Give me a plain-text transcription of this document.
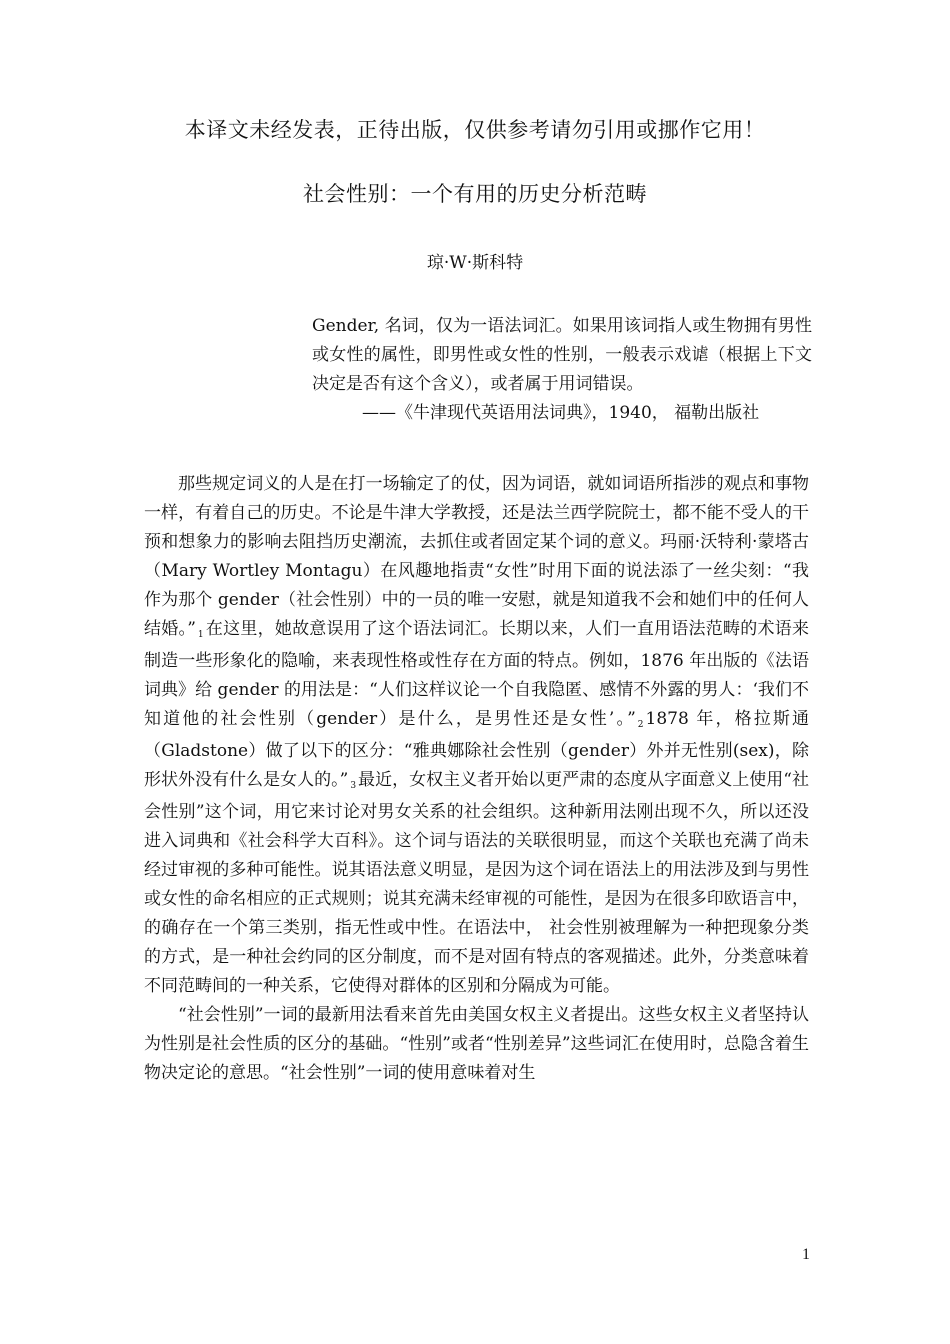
本译文未经发表，正待出版，仅供参考请勿引用或挪作它用！
社会性别：一个有用的历史分析范畴
琼·W·斯科特
Gender, 名词，仅为一语法词汇。如果用该词指人或生物拥有男性或女性的属性，即男性或女性的性别，一般表示戏谑（根据上下文决定是否有这个含义），或者属于用词错误。
——《牛津现代英语用法词典》，1940， 福勒出版社

那些规定词义的人是在打一场输定了的仗，因为词语，就如词语所指涉的观点和事物一样，有着自己的历史。不论是牛津大学教授，还是法兰西学院院士，都不能不受人的干预和想象力的影响去阻挡历史潮流，去抓住或者固定某个词的意义。玛丽·沃特利·蒙塔古（Mary Wortley Montagu）在风趣地指责“女性”时用下面的说法添了一丝尖刻：“我作为那个 gender（社会性别）中的一员的唯一安慰，就是知道我不会和她们中的任何人结婚。” 1 在这里，她故意误用了这个语法词汇。长期以来，人们一直用语法范畴的术语来制造一些形象化的隐喻，来表现性格或性存在方面的特点。例如，1876 年出版的《法语词典》给 gender 的用法是：“人们这样议论一个自我隐匿、感情不外露的男人：‘我们不知道他的社会性别（gender）是什么，是男性还是女性’。” 2 1878 年，格拉斯通（Gladstone）做了以下的区分：“雅典娜除社会性别（gender）外并无性别(sex)，除形状外没有什么是女人的。” 3 最近，女权主义者开始以更严肃的态度从字面意义上使用“社会性别”这个词，用它来讨论对男女关系的社会组织。这种新用法刚出现不久，所以还没进入词典和《社会科学大百科》。这个词与语法的关联很明显，而这个关联也充满了尚未经过审视的多种可能性。说其语法意义明显，是因为这个词在语法上的用法涉及到与男性或女性的命名相应的正式规则；说其充满未经审视的可能性，是因为在很多印欧语言中，的确存在一个第三类别，指无性或中性。在语法中， 社会性别被理解为一种把现象分类的方式，是一种社会约同的区分制度，而不是对固有特点的客观描述。此外，分类意味着不同范畴间的一种关系，它使得对群体的区别和分隔成为可能。

“社会性别”一词的最新用法看来首先由美国女权主义者提出。这些女权主义者坚持认为性别是社会性质的区分的基础。“性别”或者“性别差异”这些词汇在使用时，总隐含着生物决定论的意思。“社会性别”一词的使用意味着对生

1
